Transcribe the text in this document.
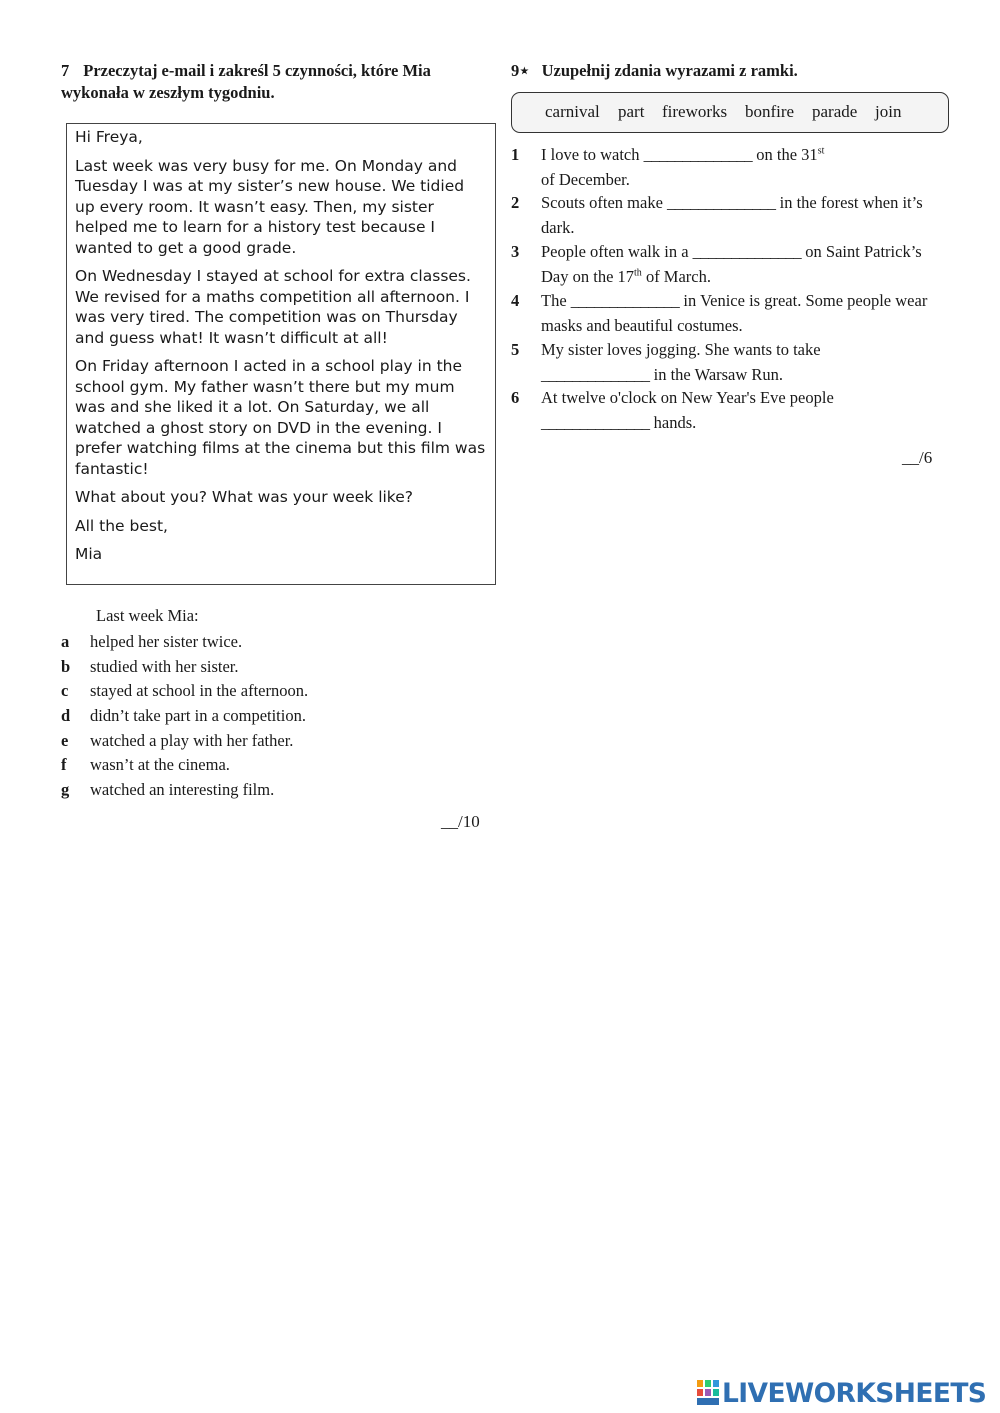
7 Przeczytaj e-mail i zakreśl 5 czynności, które Mia wykonała w zeszłym tygodniu.

Hi Freya,

Last week was very busy for me. On Monday and Tuesday I was at my sister’s new house. We tidied up every room. It wasn’t easy. Then, my sister helped me to learn for a history test because I wanted to get a good grade.

On Wednesday I stayed at school for extra classes. We revised for a maths competition all afternoon. I was very tired. The competition was on Thursday and guess what! It wasn’t difficult at all!

On Friday afternoon I acted in a school play in the school gym. My father wasn’t there but my mum was and she liked it a lot. On Saturday, we all watched a ghost story on DVD in the evening. I prefer watching films at the cinema but this film was fantastic!

What about you? What was your week like?

All the best,

Mia

Last week Mia:
a	helped her sister twice.
b	studied with her sister.
c	stayed at school in the afternoon.
d	didn’t take part in a competition.
e	watched a play with her father.
f	wasn’t at the cinema.
g	watched an interesting film.
__/10
9⋆ Uzupełnij zdania wyrazami z ramki.
carnival part fireworks bonfire parade join
1 I love to watch ______________ on the 31st
of December.
2 Scouts often make ______________ in the forest when it’s dark.
3 People often walk in a ______________ on Saint Patrick’s Day on the 17th of March.
4 The ______________ in Venice is great. Some people wear masks and beautiful costumes.
5 My sister loves jogging. She wants to take ______________ in the Warsaw Run.
6 At twelve o'clock on New Year's Eve people ______________ hands.
__/6
LIVEWORKSHEETS
